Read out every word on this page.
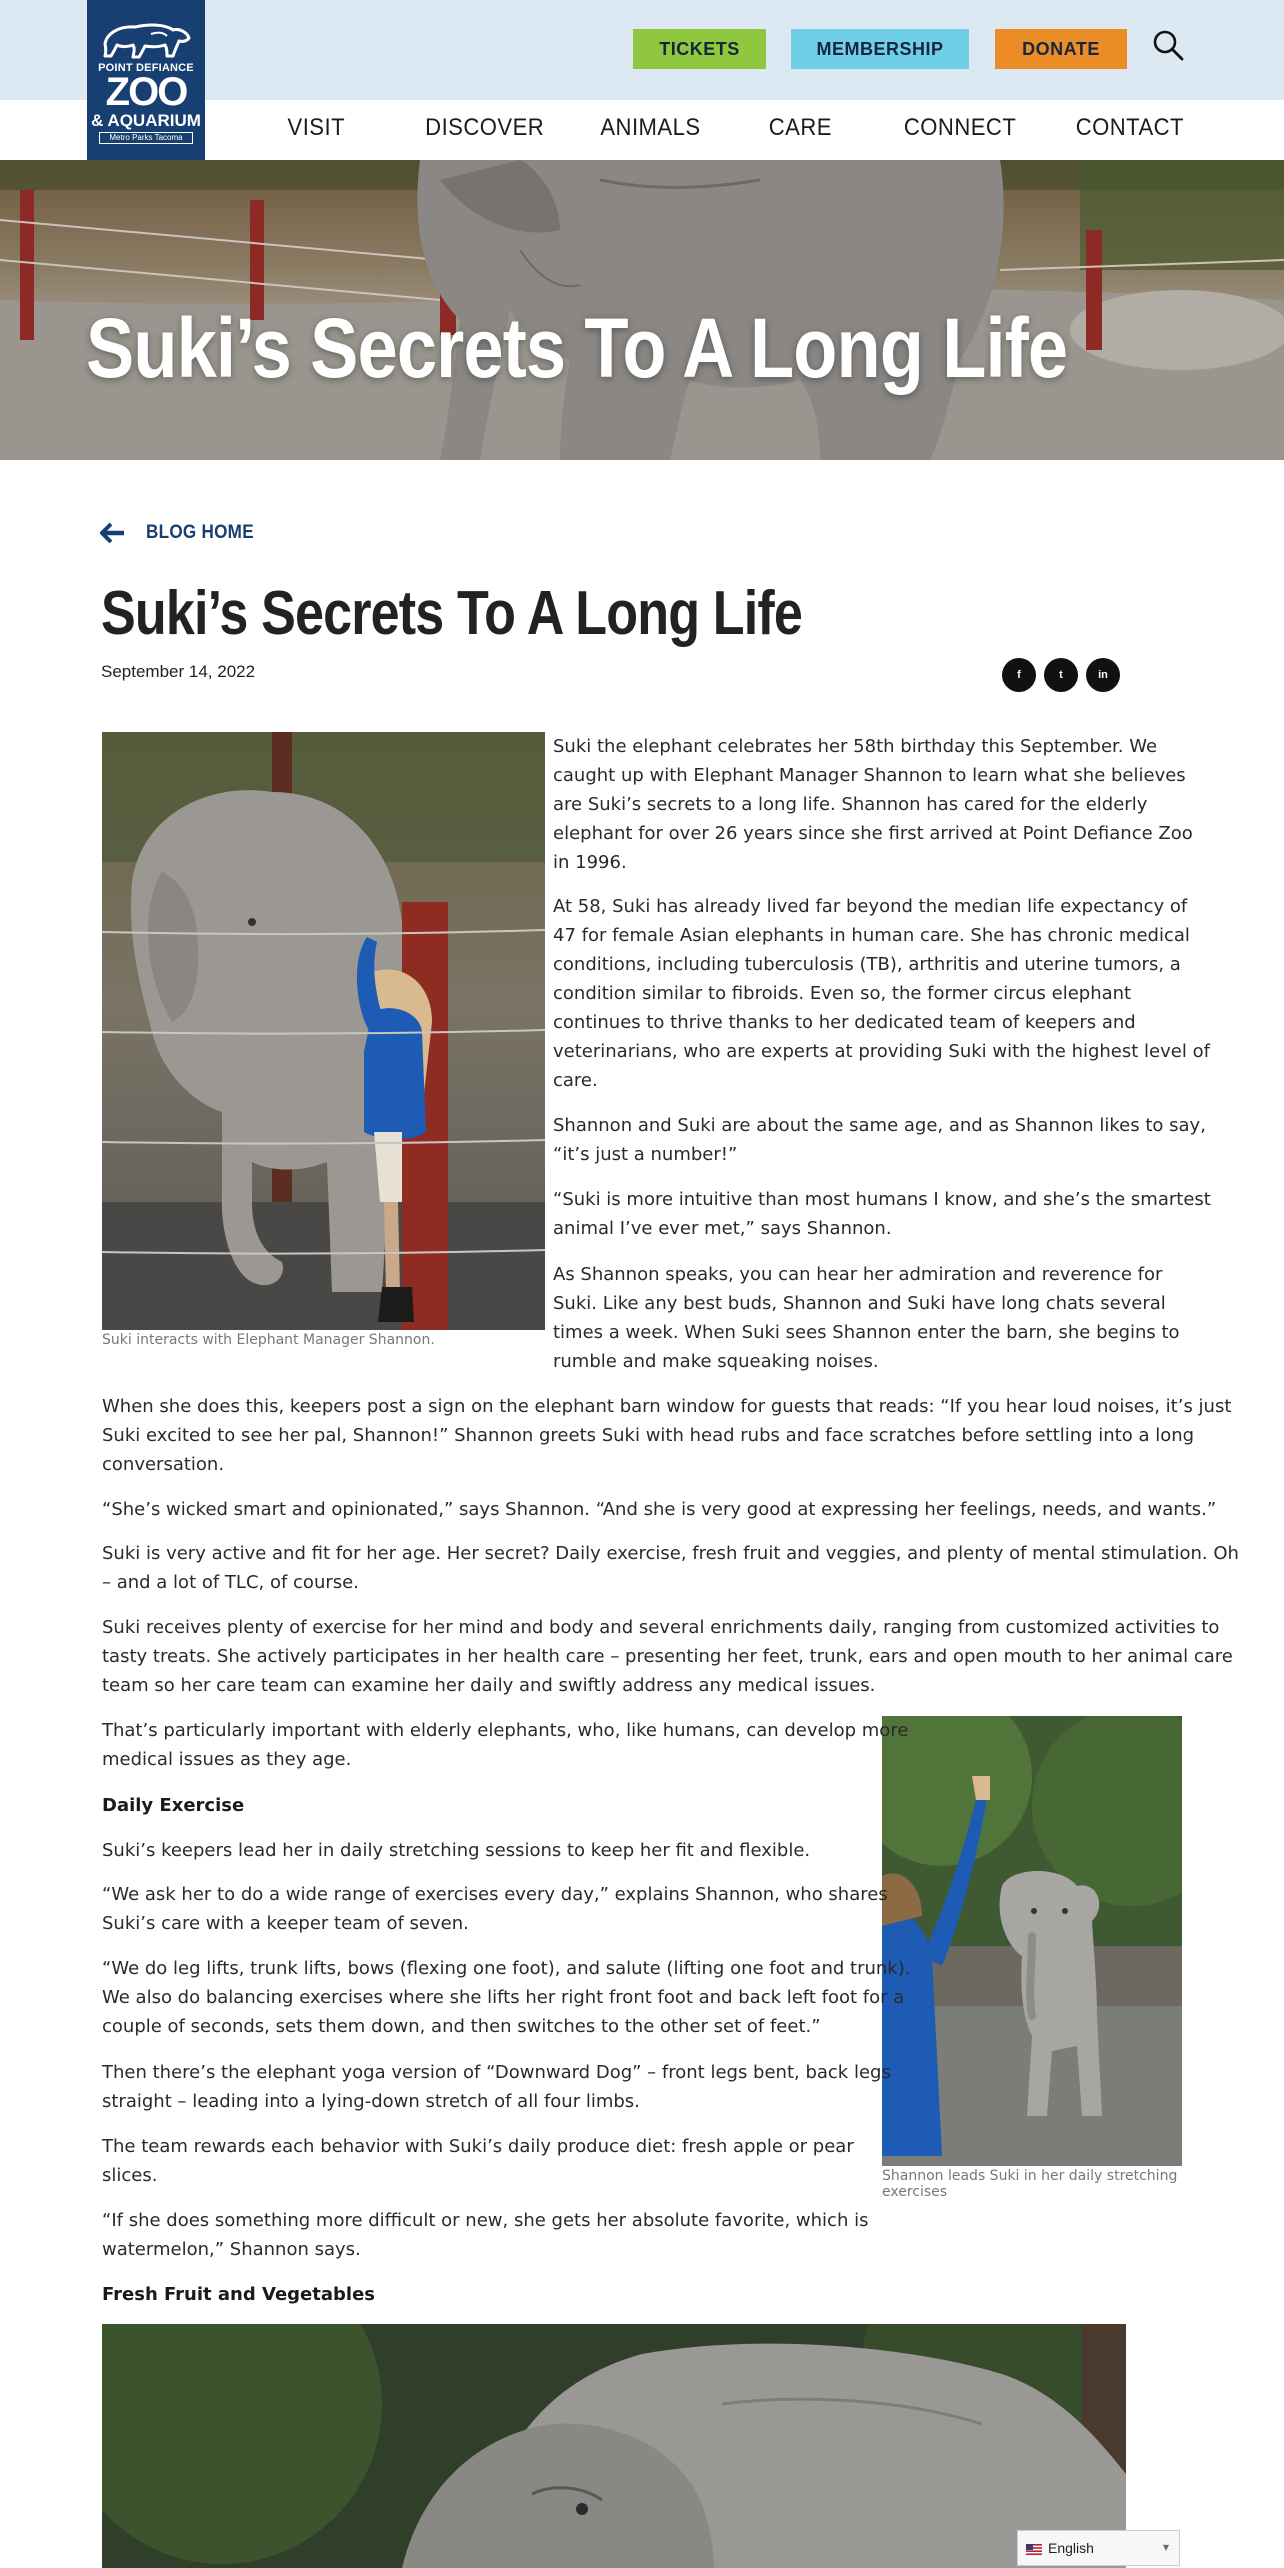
POINT DEFIANCE
ZOO
& AQUARIUM
Metro Parks Tacoma
TICKETS	MEMBERSHIP	DONATE
VISIT	DISCOVER ANIMALS	CARE	CONNECT CONTACT
Suki’s Secrets To A Long Life
BLOG HOME
Suki’s Secrets To A Long Life
September 14, 2022	f	t	in
Suki interacts with Elephant Manager Shannon.
Suki the elephant celebrates her 58th birthday this September. We
caught up with Elephant Manager Shannon to learn what she believes
are Suki’s secrets to a long life. Shannon has cared for the elderly
elephant for over 26 years since she first arrived at Point Defiance Zoo
in 1996.
At 58, Suki has already lived far beyond the median life expectancy of
47 for female Asian elephants in human care. She has chronic medical
conditions, including tuberculosis (TB), arthritis and uterine tumors, a
condition similar to fibroids. Even so, the former circus elephant
continues to thrive thanks to her dedicated team of keepers and
veterinarians, who are experts at providing Suki with the highest level of
care.
Shannon and Suki are about the same age, and as Shannon likes to say,
“it’s just a number!”
“Suki is more intuitive than most humans I know, and she’s the smartest
animal I’ve ever met,” says Shannon.
As Shannon speaks, you can hear her admiration and reverence for
Suki. Like any best buds, Shannon and Suki have long chats several
times a week. When Suki sees Shannon enter the barn, she begins to
rumble and make squeaking noises.
When she does this, keepers post a sign on the elephant barn window for guests that reads: “If you hear loud noises, it’s just
Suki excited to see her pal, Shannon!” Shannon greets Suki with head rubs and face scratches before settling into a long
conversation.
“She’s wicked smart and opinionated,” says Shannon. “And she is very good at expressing her feelings, needs, and wants.”
Suki is very active and fit for her age. Her secret? Daily exercise, fresh fruit and veggies, and plenty of mental stimulation. Oh
– and a lot of TLC, of course.
Suki receives plenty of exercise for her mind and body and several enrichments daily, ranging from customized activities to
tasty treats. She actively participates in her health care – presenting her feet, trunk, ears and open mouth to her animal care
team so her care team can examine her daily and swiftly address any medical issues.
Shannon leads Suki in her daily stretching exercises
That’s particularly important with elderly elephants, who, like humans, can develop more
medical issues as they age.
Daily Exercise
Suki’s keepers lead her in daily stretching sessions to keep her fit and flexible.
“We ask her to do a wide range of exercises every day,” explains Shannon, who shares
Suki’s care with a keeper team of seven.
“We do leg lifts, trunk lifts, bows (flexing one foot), and salute (lifting one foot and trunk).
We also do balancing exercises where she lifts her right front foot and back left foot for a
couple of seconds, sets them down, and then switches to the other set of feet.”
Then there’s the elephant yoga version of “Downward Dog” – front legs bent, back legs
straight – leading into a lying-down stretch of all four limbs.
The team rewards each behavior with Suki’s daily produce diet: fresh apple or pear
slices.
“If she does something more difficult or new, she gets her absolute favorite, which is
watermelon,” Shannon says.
Fresh Fruit and Vegetables
English	▾
